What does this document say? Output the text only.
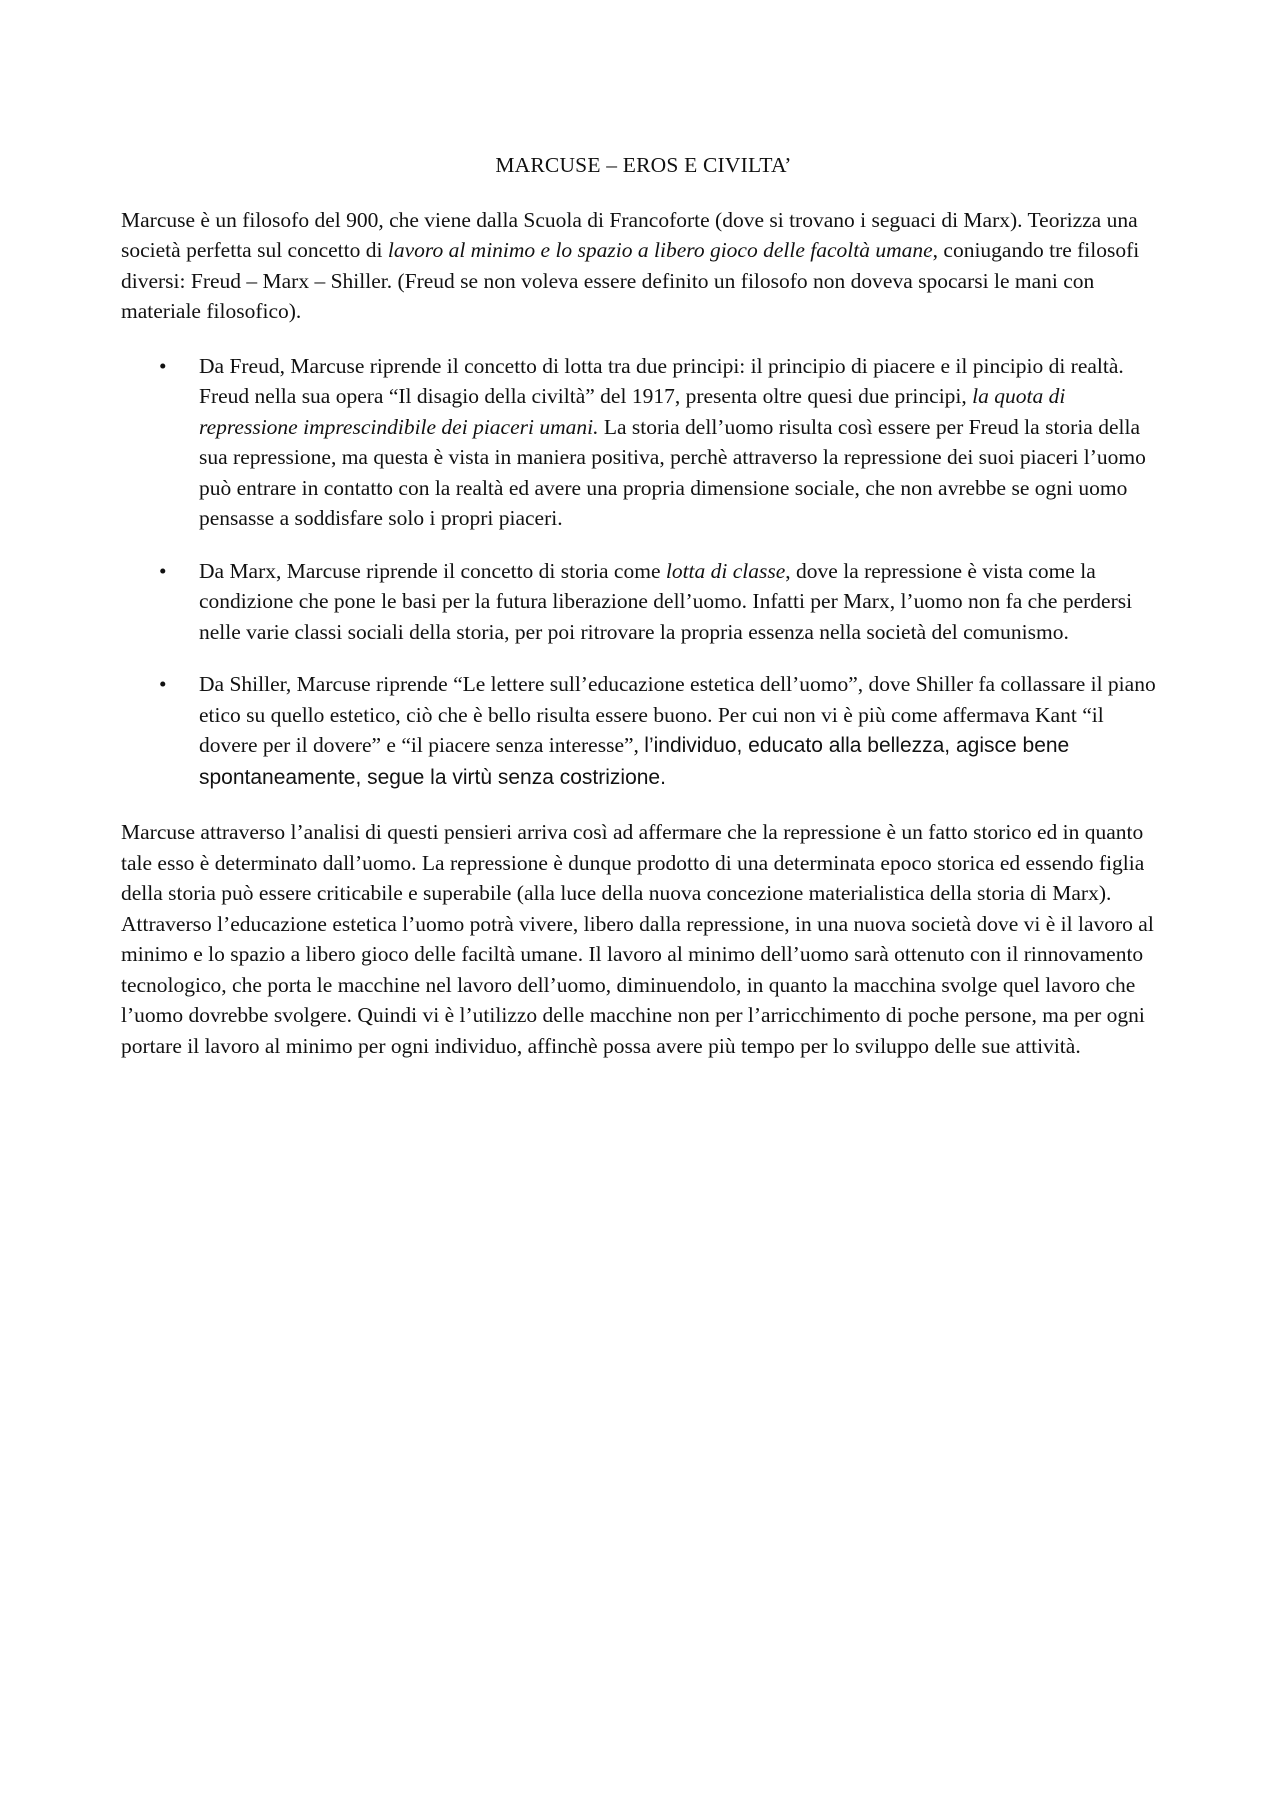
MARCUSE – EROS E CIVILTA’

Marcuse è un filosofo del 900, che viene dalla Scuola di Francoforte (dove si trovano i seguaci di Marx). Teorizza una società perfetta sul concetto di lavoro al minimo e lo spazio a libero gioco delle facoltà umane, coniugando tre filosofi diversi: Freud – Marx – Shiller. (Freud se non voleva essere definito un filosofo non doveva spocarsi le mani con materiale filosofico).

• Da Freud, Marcuse riprende il concetto di lotta tra due principi: il principio di piacere e il pincipio di realtà. Freud nella sua opera “Il disagio della civiltà” del 1917, presenta oltre quesi due principi, la quota di repressione imprescindibile dei piaceri umani. La storia dell’uomo risulta così essere per Freud la storia della sua repressione, ma questa è vista in maniera positiva, perchè attraverso la repressione dei suoi piaceri l’uomo può entrare in contatto con la realtà ed avere una propria dimensione sociale, che non avrebbe se ogni uomo pensasse a soddisfare solo i propri piaceri.
• Da Marx, Marcuse riprende il concetto di storia come lotta di classe, dove la repressione è vista come la condizione che pone le basi per la futura liberazione dell’uomo. Infatti per Marx, l’uomo non fa che perdersi nelle varie classi sociali della storia, per poi ritrovare la propria essenza nella società del comunismo.
• Da Shiller, Marcuse riprende “Le lettere sull’educazione estetica dell’uomo”, dove Shiller fa collassare il piano etico su quello estetico, ciò che è bello risulta essere buono. Per cui non vi è più come affermava Kant “il dovere per il dovere” e “il piacere senza interesse”, l’individuo, educato alla bellezza, agisce bene spontaneamente, segue la virtù senza costrizione.

Marcuse attraverso l’analisi di questi pensieri arriva così ad affermare che la repressione è un fatto storico ed in quanto tale esso è determinato dall’uomo. La repressione è dunque prodotto di una determinata epoco storica ed essendo figlia della storia può essere criticabile e superabile (alla luce della nuova concezione materialistica della storia di Marx). Attraverso l’educazione estetica l’uomo potrà vivere, libero dalla repressione, in una nuova società dove vi è il lavoro al minimo e lo spazio a libero gioco delle faciltà umane. Il lavoro al minimo dell’uomo sarà ottenuto con il rinnovamento tecnologico, che porta le macchine nel lavoro dell’uomo, diminuendolo, in quanto la macchina svolge quel lavoro che l’uomo dovrebbe svolgere. Quindi vi è l’utilizzo delle macchine non per l’arricchimento di poche persone, ma per ogni portare il lavoro al minimo per ogni individuo, affinchè possa avere più tempo per lo sviluppo delle sue attività.
